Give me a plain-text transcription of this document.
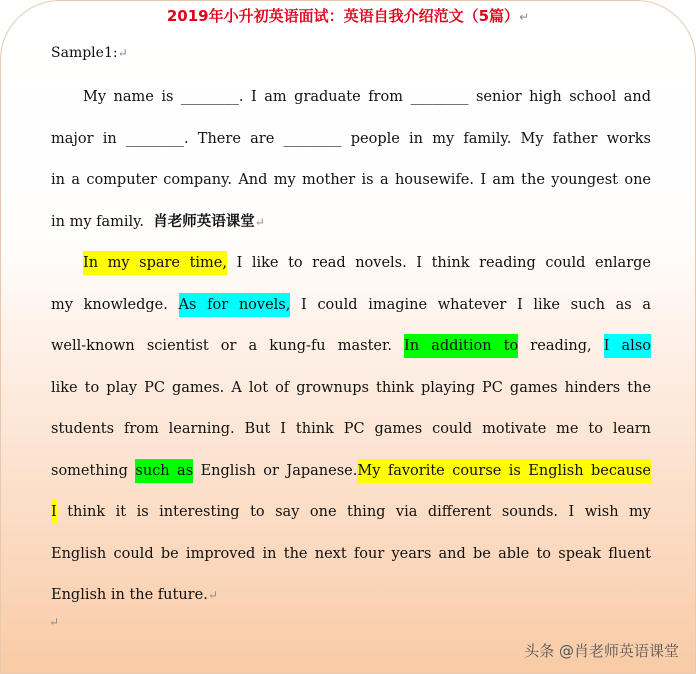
2019年小升初英语面试：英语自我介绍范文（5篇）↵
Sample1:↵
My name is ________. I am graduate from ________ senior high school and
major in ________. There are ________ people in my family. My father works
in a computer company. And my mother is a housewife. I am the youngest one
in my family. 肖老师英语课堂↵
In my spare time, I like to read novels. I think reading could enlarge
my knowledge. As for novels, I could imagine whatever I like such as a
well-known scientist or a kung-fu master. In addition to reading, I also
like to play PC games. A lot of grownups think playing PC games hinders the
students from learning. But I think PC games could motivate me to learn
something such as English or Japanese.My favorite course is English because
I think it is interesting to say one thing via different sounds. I wish my
English could be improved in the next four years and be able to speak fluent
English in the future.↵
↵
头条 @肖老师英语课堂
